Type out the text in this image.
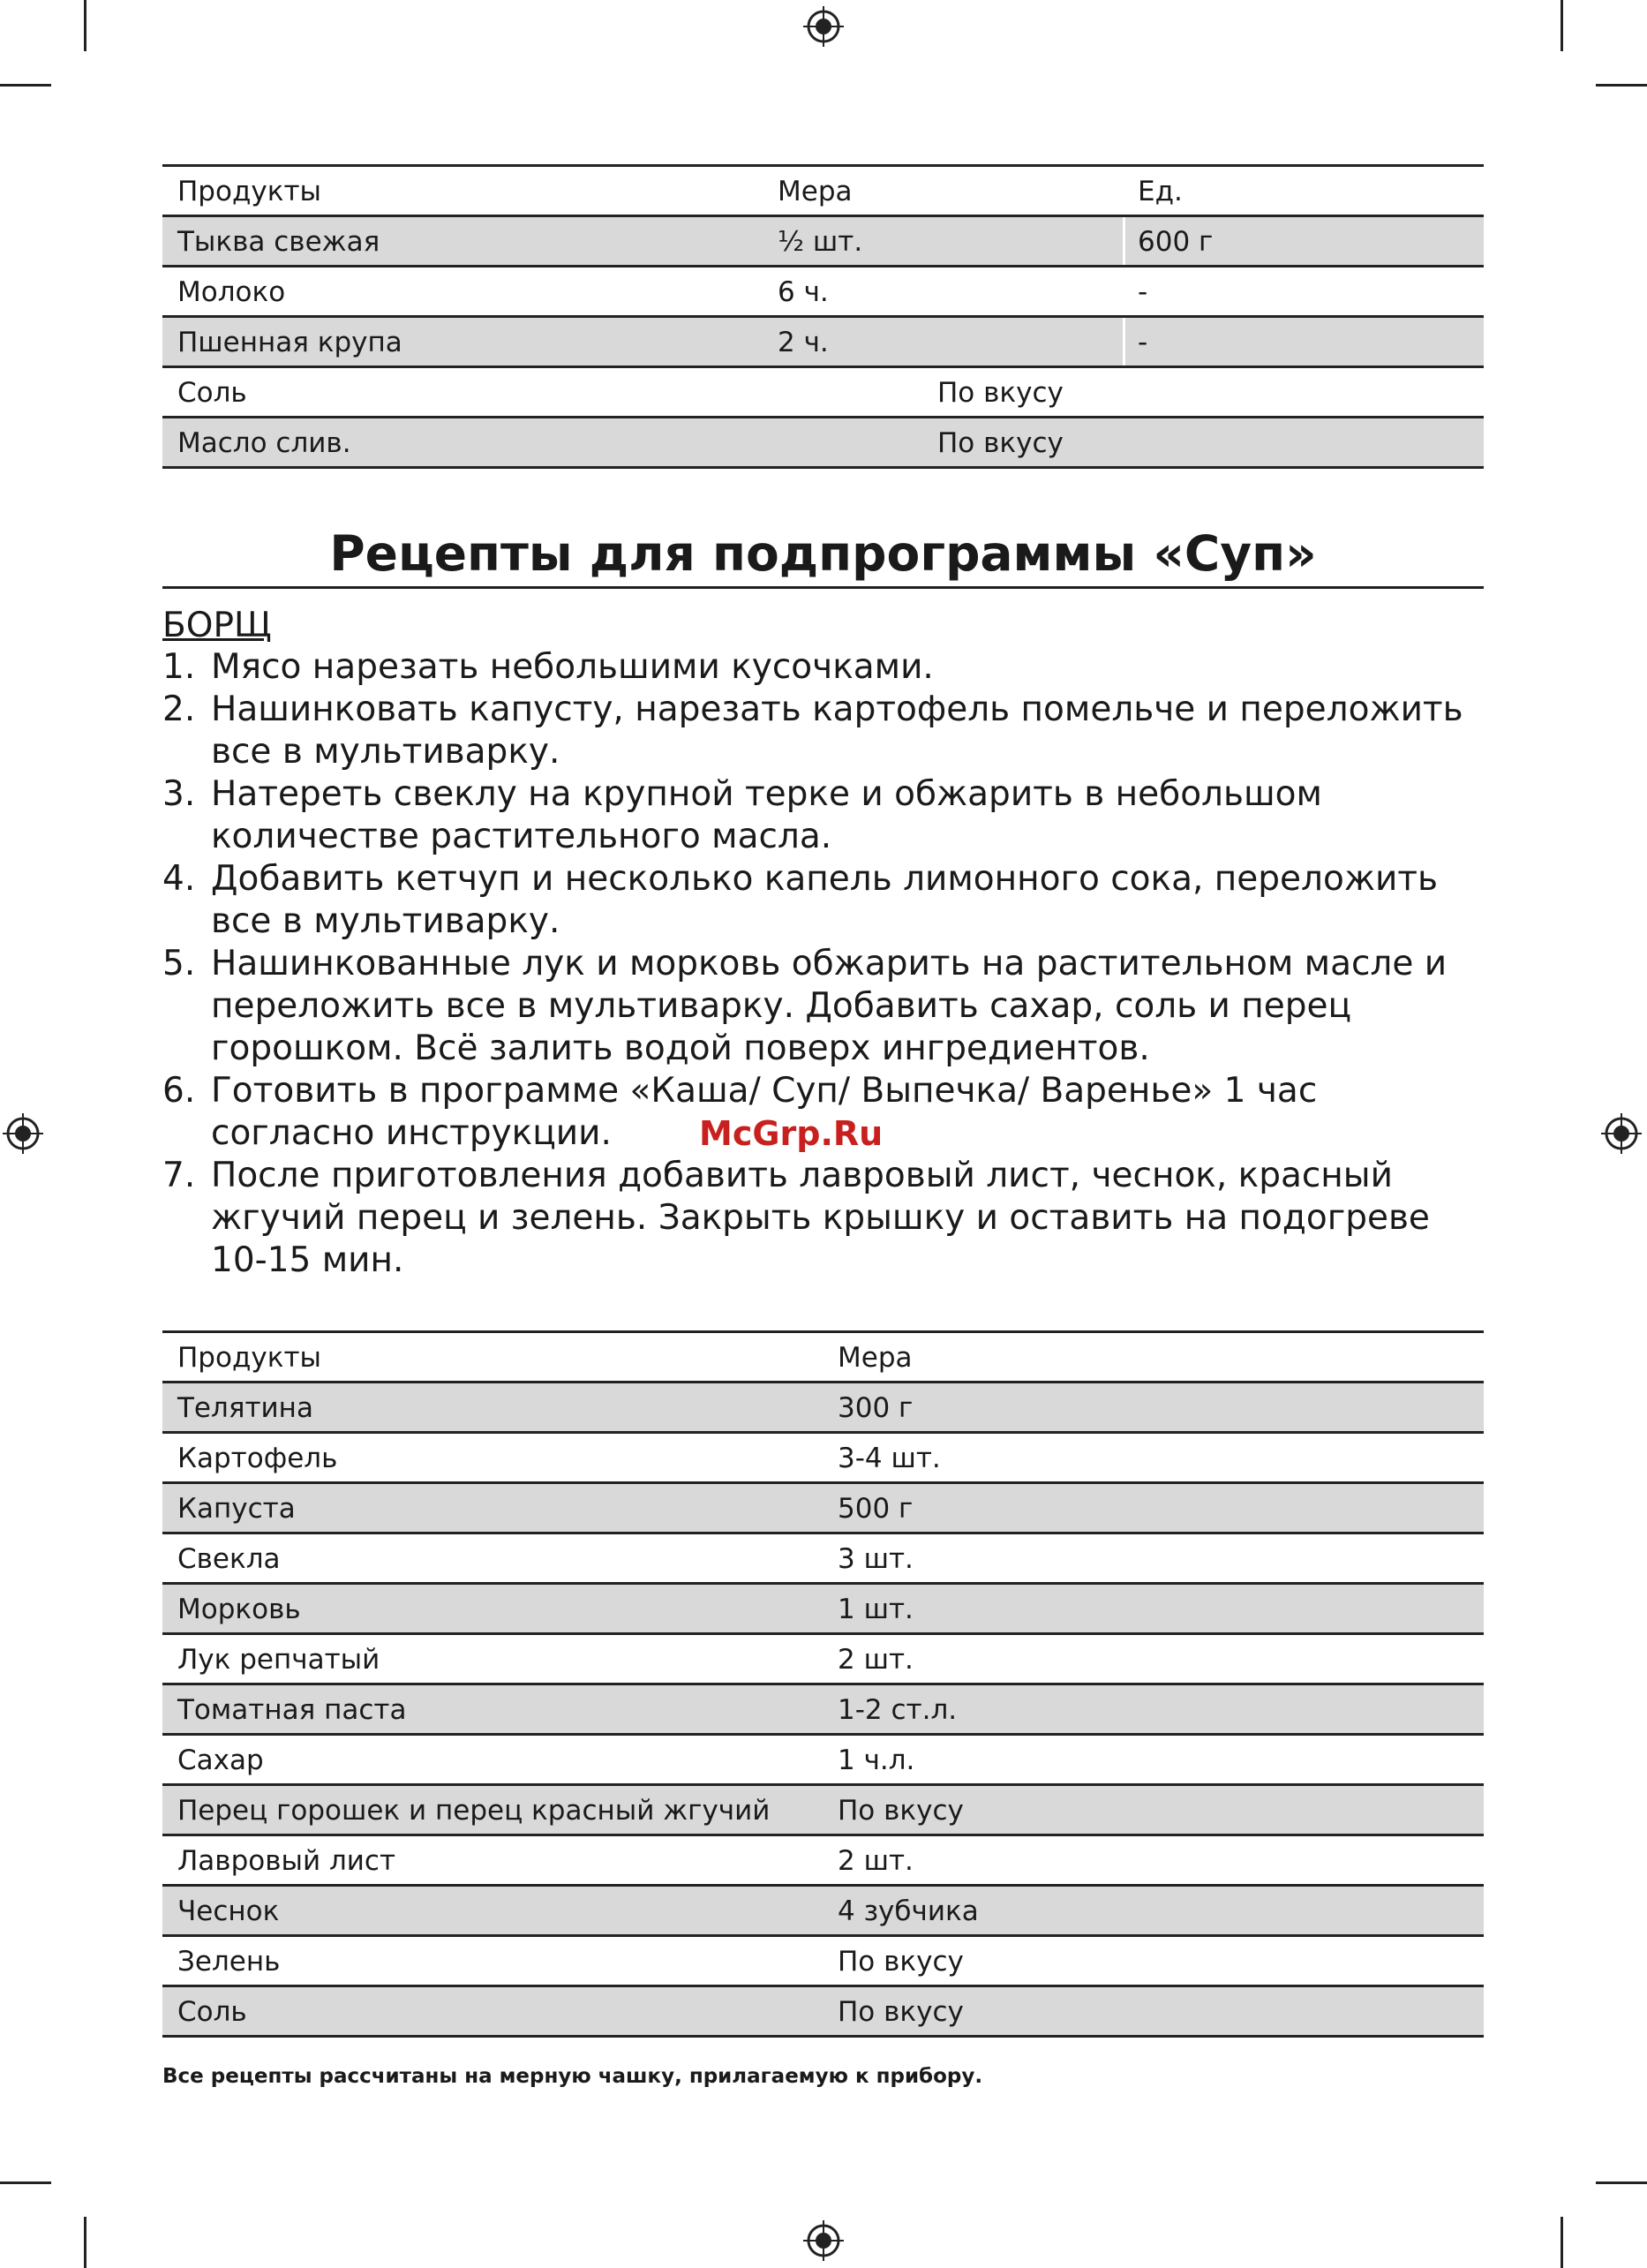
Продукты	Мера	Ед.
Тыква свежая	½ шт.	600 г
Молоко	6 ч.	-
Пшенная крупа	2 ч.	-
Соль	По вкусу
Масло слив.	По вкусу
Рецепты для подпрограммы «Суп»
БОРЩ
1. Мясо нарезать небольшими кусочками.
2. Нашинковать капусту, нарезать картофель помельче и переложить все в мультиварку.
3. Натереть свеклу на крупной терке и обжарить в небольшом количестве растительного масла.
4. Добавить кетчуп и несколько капель лимонного сока, переложить все в мультиварку.
5. Нашинкованные лук и морковь обжарить на растительном масле и переложить все в мультиварку. Добавить сахар, соль и перец горошком. Всё залить водой поверх ингредиентов.
6. Готовить в программе «Каша/ Суп/ Выпечка/ Варенье» 1 час согласно инструкции.
7. После приготовления добавить лавровый лист, чеснок, красный жгучий перец и зелень. Закрыть крышку и оставить на подогреве 10-15 мин.
McGrp.Ru
Продукты	Мера
Телятина	300 г
Картофель	3-4 шт.
Капуста	500 г
Свекла	3 шт.
Морковь	1 шт.
Лук репчатый	2 шт.
Томатная паста	1-2 ст.л.
Сахар	1 ч.л.
Перец горошек и перец красный жгучий	По вкусу
Лавровый лист	2 шт.
Чеснок	4 зубчика
Зелень	По вкусу
Соль	По вкусу
Все рецепты рассчитаны на мерную чашку, прилагаемую к прибору.
